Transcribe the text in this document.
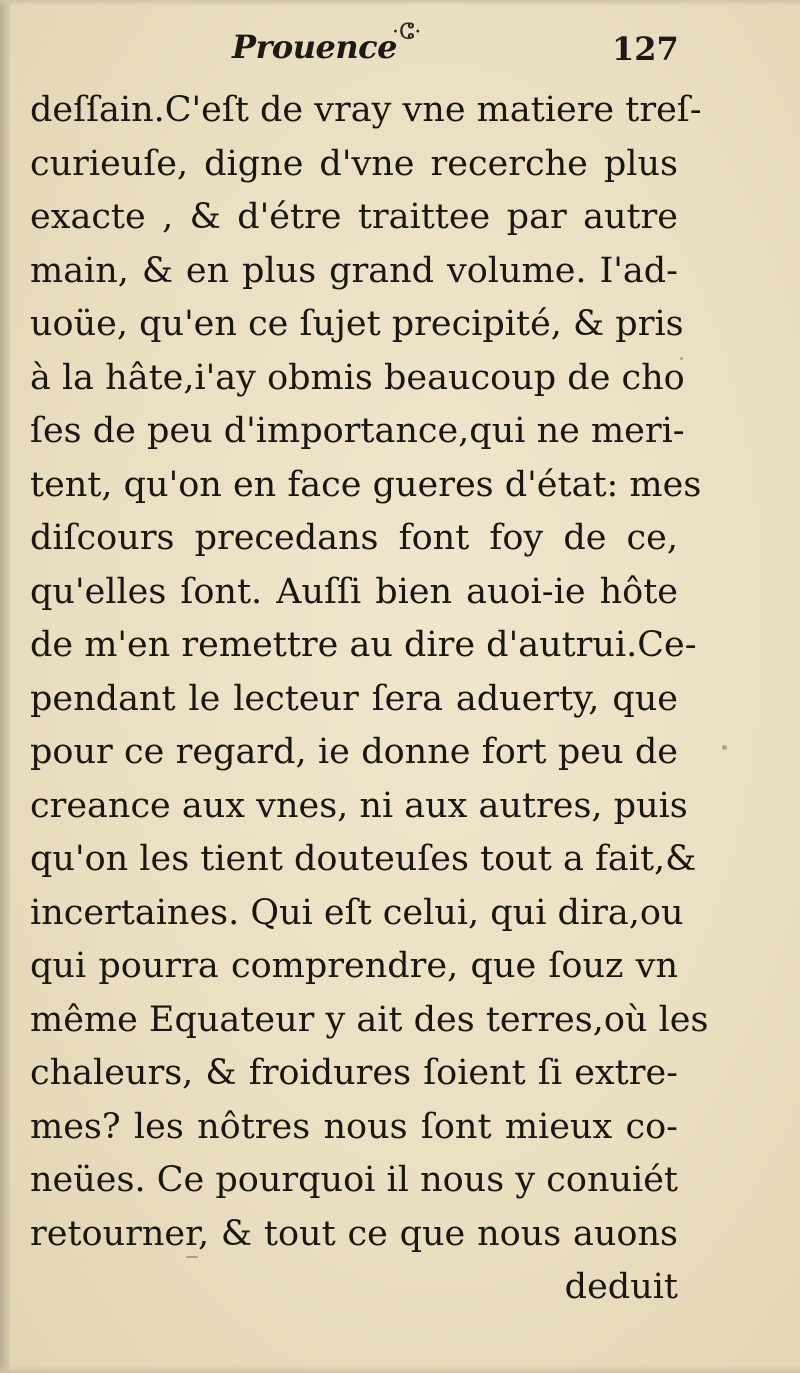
Prouence
·ⵛ·	127
deſſain.C'eſt de vray vne matiere treſ-
curieuſe, digne d'vne recerche plus
exacte , & d'étre traittee par autre
main, & en plus grand volume. I'ad-
uoüe, qu'en ce ſujet precipité, & pris
à la hâte,i'ay obmis beaucoup de cho
ſes de peu d'importance,qui ne meri-
tent, qu'on en face gueres d'état: mes
diſcours precedans font foy de ce,
qu'elles ſont. Auſſi bien auoi-ie hôte
de m'en remettre au dire d'autrui.Ce-
pendant le lecteur ſera aduerty, que
pour ce regard, ie donne fort peu de
creance aux vnes, ni aux autres, puis
qu'on les tient douteuſes tout a fait,&
incertaines. Qui eſt celui, qui dira,ou
qui pourra comprendre, que ſouz vn
même Equateur y ait des terres,où les
chaleurs, & froidures ſoient ſi extre-
mes? les nôtres nous ſont mieux co-
neües. Ce pourquoi il nous y conuiét
retourner, & tout ce que nous auons
deduit
